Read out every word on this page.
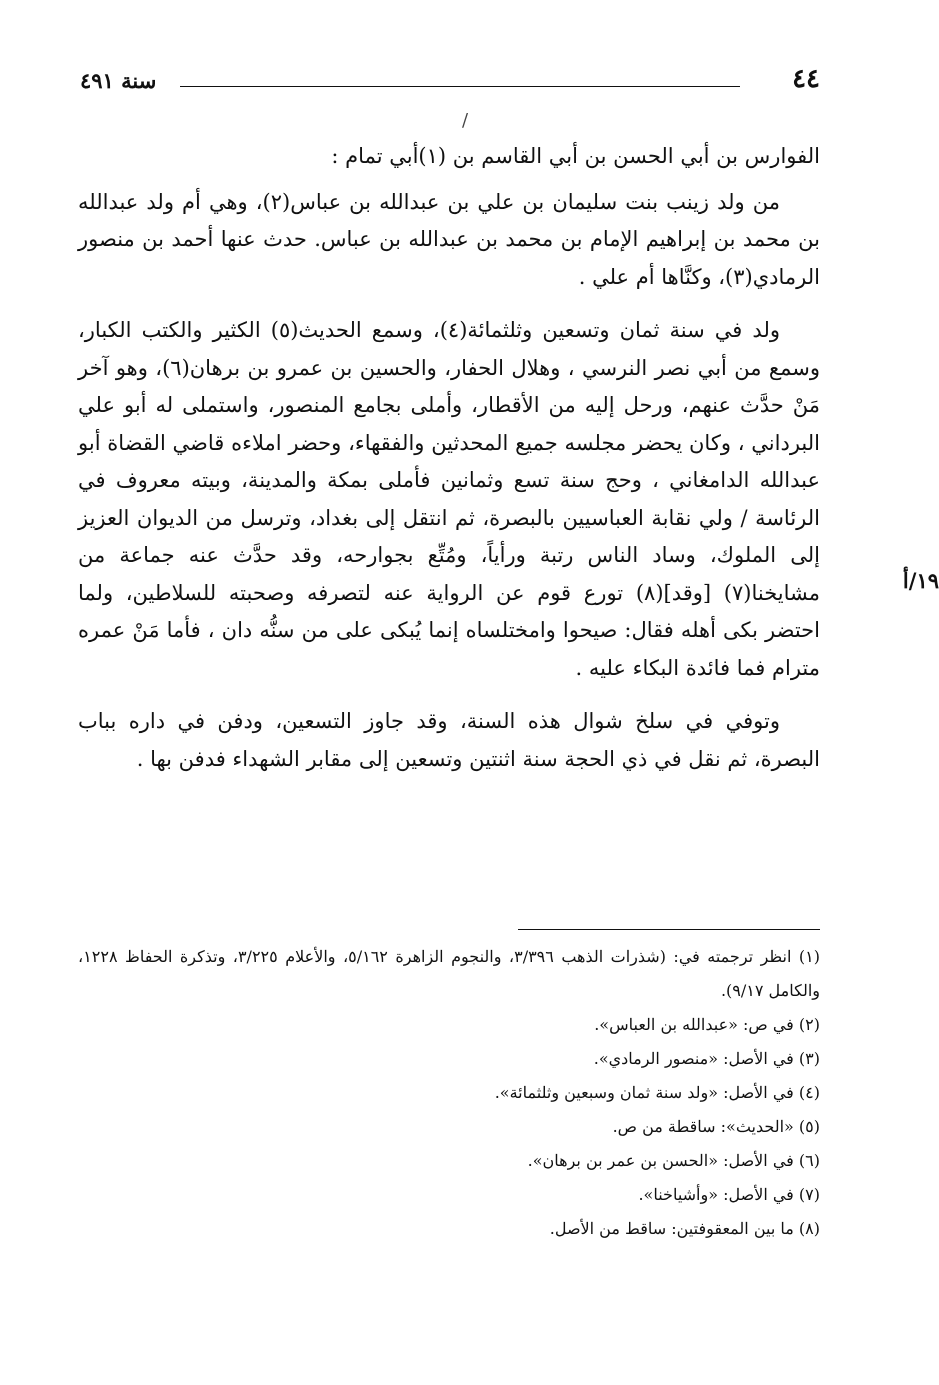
سنة ٤٩١	٤٤
/

الفوارس بن أبي الحسن بن أبي القاسم بن (١)أبي تمام :

من ولد زينب بنت سليمان بن علي بن عبدالله بن عباس(٢)، وهي أم ولد عبدالله بن محمد بن إبراهيم الإمام بن محمد بن عبدالله بن عباس. حدث عنها أحمد بن منصور الرمادي(٣)، وكنَّاها أم علي .

ولد في سنة ثمان وتسعين وثلثمائة(٤)، وسمع الحديث(٥) الكثير والكتب الكبار، وسمع من أبي نصر النرسي ، وهلال الحفار، والحسين بن عمرو بن برهان(٦)، وهو آخر مَنْ حدَّث عنهم، ورحل إليه من الأقطار، وأملى بجامع المنصور، واستملى له أبو علي البرداني ، وكان يحضر مجلسه جميع المحدثين والفقهاء، وحضر املاءه قاضي القضاة أبو عبدالله الدامغاني ، وحج سنة تسع وثمانين فأملى بمكة والمدينة، وبيته معروف في الرئاسة / ولي نقابة العباسيين بالبصرة، ثم انتقل إلى بغداد، وترسل من الديوان العزيز إلى الملوك، وساد الناس رتبة ورأياً، ومُتِّع بجوارحه، وقد حدَّث عنه جماعة من مشايخنا(٧) [وقد](٨) تورع قوم عن الرواية عنه لتصرفه وصحبته للسلاطين، ولما احتضر بكى أهله فقال: صيحوا وامختلساه إنما يُبكى على من سنُّه دان ، فأما مَنْ عمره مترام فما فائدة البكاء عليه .

وتوفي في سلخ شوال هذه السنة، وقد جاوز التسعين، ودفن في داره بباب البصرة، ثم نقل في ذي الحجة سنة اثنتين وتسعين إلى مقابر الشهداء فدفن بها .

١٩/أ

(١) انظر ترجمته في: (شذرات الذهب ٣/٣٩٦، والنجوم الزاهرة ٥/١٦٢، والأعلام ٣/٢٢٥، وتذكرة الحفاظ ١٢٢٨، والكامل ٩/١٧).

(٢) في ص: «عبدالله بن العباس».

(٣) في الأصل: «منصور الرمادي».

(٤) في الأصل: «ولد سنة ثمان وسبعين وثلثمائة».

(٥) «الحديث»: ساقطة من ص.

(٦) في الأصل: «الحسن بن عمر بن برهان».

(٧) في الأصل: «وأشياخنا».

(٨) ما بين المعقوفتين: ساقط من الأصل.
